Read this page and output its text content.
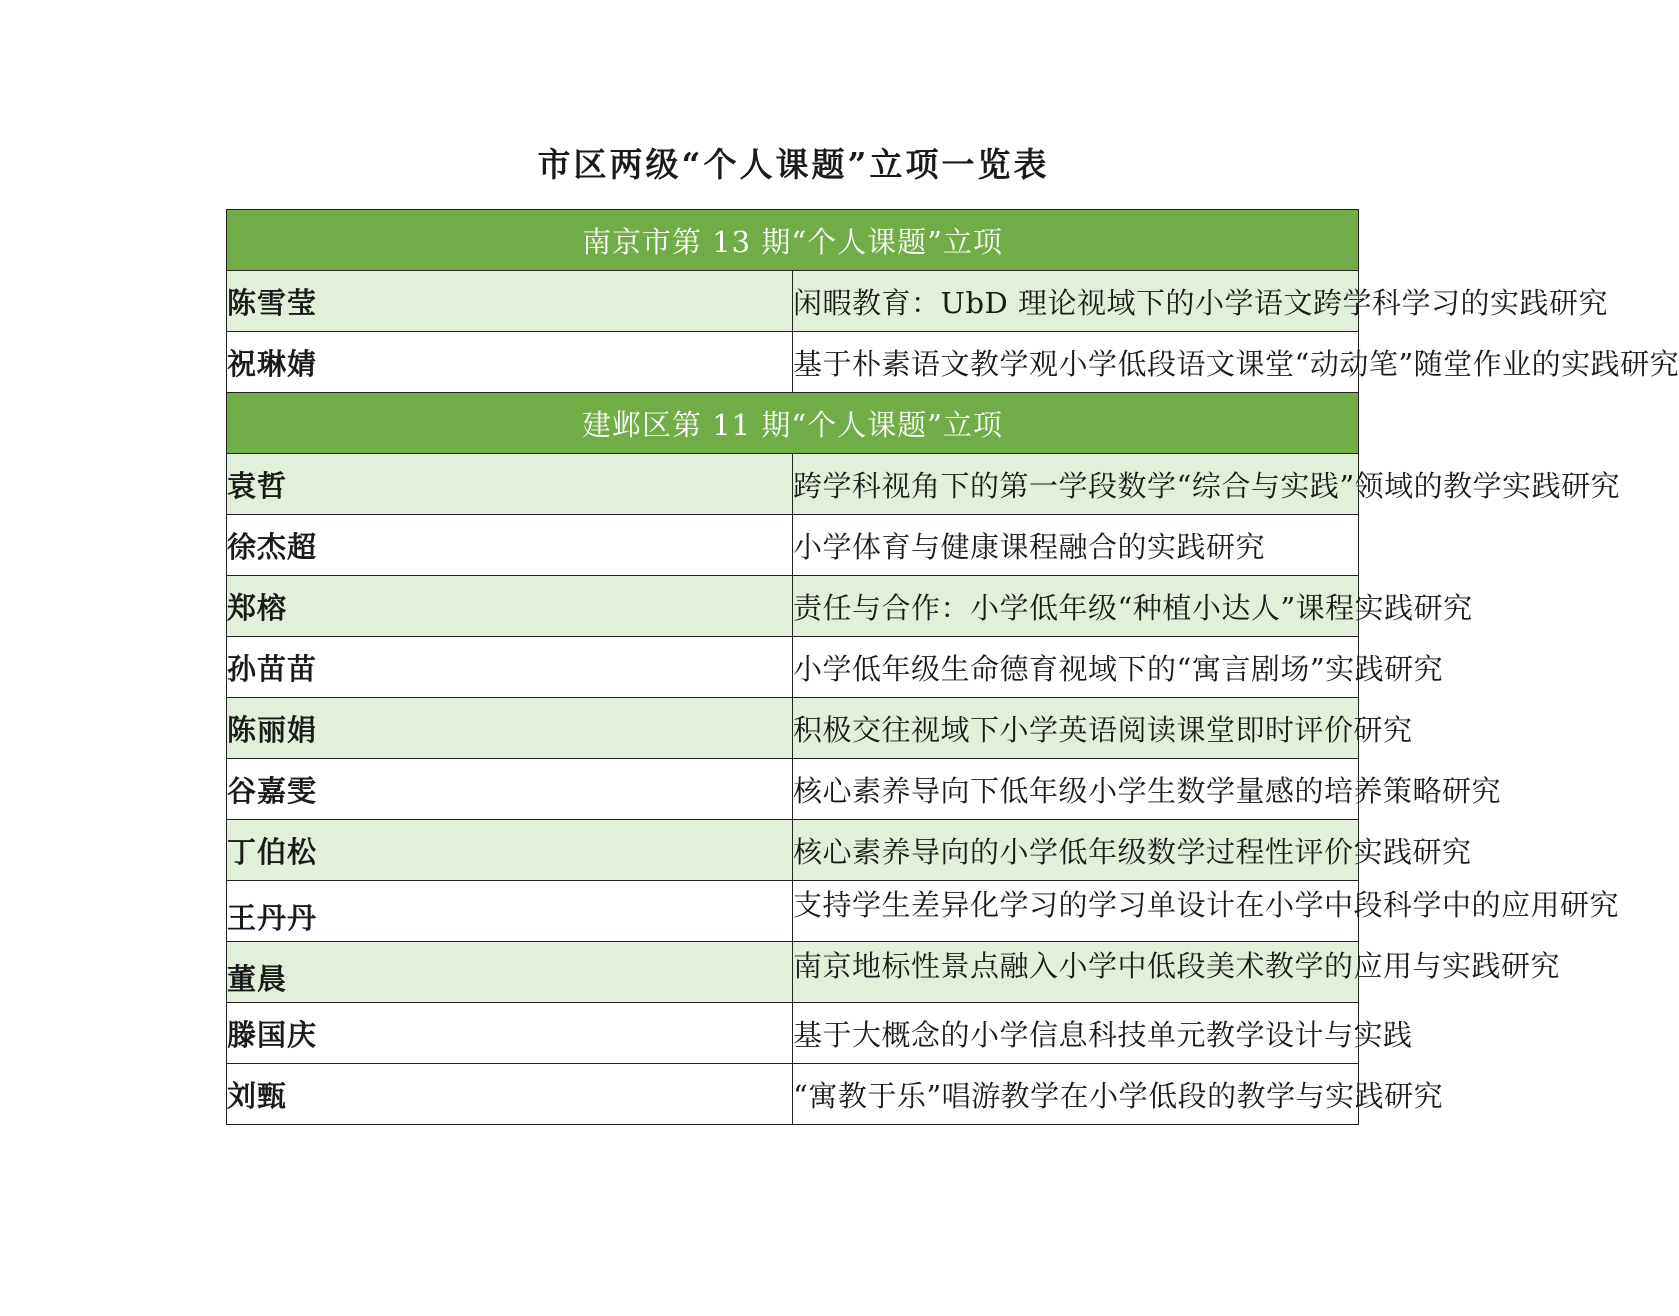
市区两级“个人课题”立项一览表
南京市第 13 期“个人课题”立项	
陈雪莹	闲暇教育：UbD 理论视域下的小学语文跨学科学习的实践研究
祝琳婧	基于朴素语文教学观小学低段语文课堂“动动笔”随堂作业的实践研究
建邺区第 11 期“个人课题”立项	
袁哲	跨学科视角下的第一学段数学“综合与实践”领域的教学实践研究
徐杰超	小学体育与健康课程融合的实践研究
郑榕	责任与合作：小学低年级“种植小达人”课程实践研究
孙苗苗	小学低年级生命德育视域下的“寓言剧场”实践研究
陈丽娟	积极交往视域下小学英语阅读课堂即时评价研究
谷嘉雯	核心素养导向下低年级小学生数学量感的培养策略研究
丁伯松	核心素养导向的小学低年级数学过程性评价实践研究
王丹丹	支持学生差异化学习的学习单设计在小学中段科学中的应用研究
董晨	南京地标性景点融入小学中低段美术教学的应用与实践研究
滕国庆	基于大概念的小学信息科技单元教学设计与实践
刘甄	“寓教于乐”唱游教学在小学低段的教学与实践研究
